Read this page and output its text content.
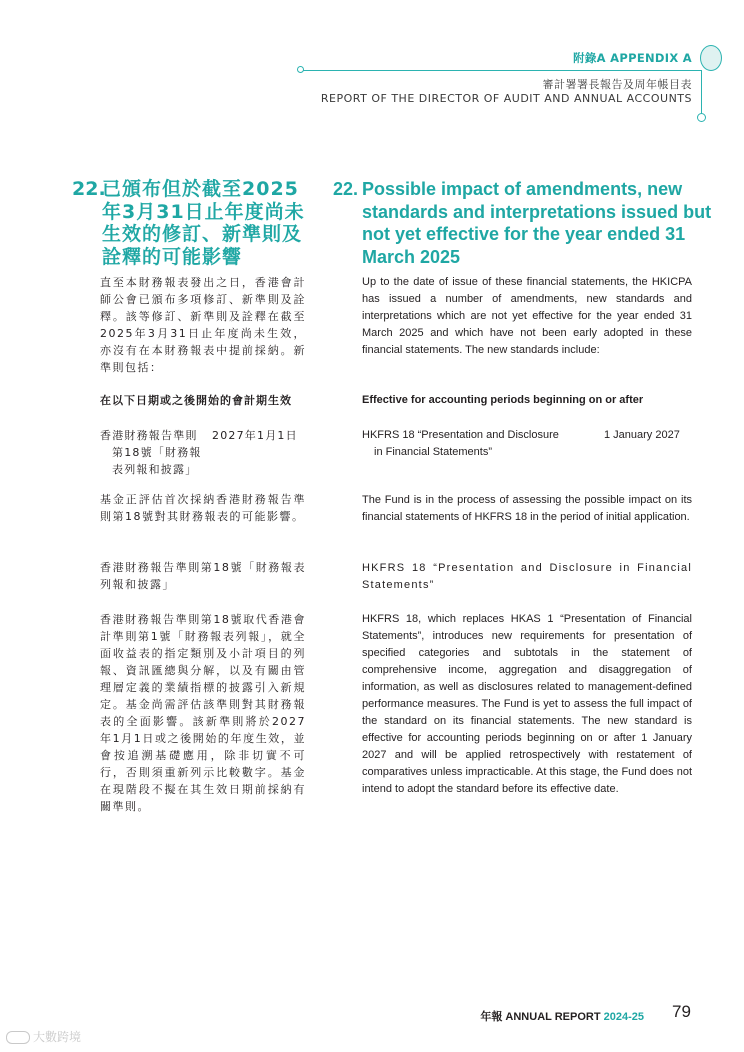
附錄A APPENDIX A
審計署署長報告及周年帳目表
REPORT OF THE DIRECTOR OF AUDIT AND ANNUAL ACCOUNTS
22.
已頒布但於截至2025年3月31日止年度尚未生效的修訂、新準則及詮釋的可能影響
22. Possible impact of amendments, new standards and interpretations issued but not yet effective for the year ended 31 March 2025
直至本財務報表發出之日，香港會計師公會已頒布多項修訂、新準則及詮釋。該等修訂、新準則及詮釋在截至2025年3月31日止年度尚未生效，亦沒有在本財務報表中提前採納。新準則包括：
Up to the date of issue of these financial statements, the HKICPA has issued a number of amendments, new standards and interpretations which are not yet effective for the year ended 31 March 2025 and which have not been early adopted in these financial statements. The new standards include:
在以下日期或之後開始的會計期生效	Effective for accounting periods beginning on or after
香港財務報告準則
第18號「財務報
表列報和披露」
2027年1月1日	HKFRS 18 “Presentation and Disclosure
in Financial Statements”
1 January 2027
基金正評估首次採納香港財務報告準則第18號對其財務報表的可能影響。
The Fund is in the process of assessing the possible impact on its financial statements of HKFRS 18 in the period of initial application.
香港財務報告準則第18號「財務報表列報和披露」
HKFRS 18 “Presentation and Disclosure in Financial Statements”
香港財務報告準則第18號取代香港會計準則第1號「財務報表列報」，就全面收益表的指定類別及小計項目的列報、資訊匯總與分解，以及有關由管理層定義的業績指標的披露引入新規定。基金尚需評估該準則對其財務報表的全面影響。該新準則將於2027年1月1日或之後開始的年度生效，並會按追溯基礎應用，除非切實不可行，否則須重新列示比較數字。基金在現階段不擬在其生效日期前採納有關準則。
HKFRS 18, which replaces HKAS 1 “Presentation of Financial Statements”, introduces new requirements for presentation of specified categories and subtotals in the statement of comprehensive income, aggregation and disaggregation of information, as well as disclosures related to management-defined performance measures. The Fund is yet to assess the full impact of the standard on its financial statements. The new standard is effective for accounting periods beginning on or after 1 January 2027 and will be applied retrospectively with restatement of comparatives unless impracticable. At this stage, the Fund does not intend to adopt the standard before its effective date.
年報 ANNUAL REPORT 2024-25 79
大數跨境
